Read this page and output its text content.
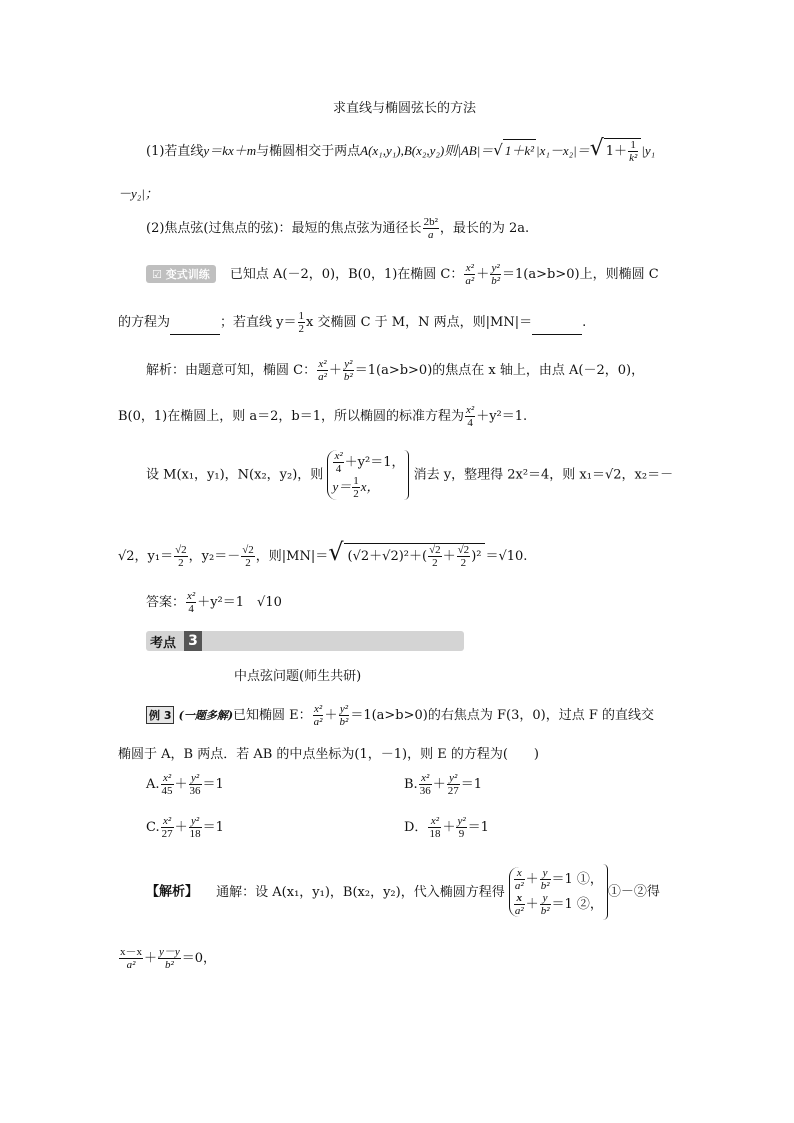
求直线与椭圆弦长的方法
(1)若直线y＝kx＋m与椭圆相交于两点A(x₁,y₁),B(x₂,y₂)则|AB|＝√ 1＋k² |x₁－x₂|＝√ $1+ \frac{1}{\text{k²}} |y_1$
－y₂|；
(2)焦点弦(过焦点的弦)：最短的焦点弦为通径长 $\frac{\text{2b²}}{a}$ ，最长的为 2a.
☑ 变式训练 已知点 A(－2，0)，B(0，1)在椭圆 C： $\frac{\text{x²}}{\text{a²}} + \frac{\text{y²}}{\text{b²}} =1(a>b>0)$上，则椭圆 C
的方程为	；若直线 $y= \frac{1}{2}$ x 交椭圆 C 于 M，N 两点，则|MN|＝	.
解析：由题意可知，椭圆 C： $\frac{\text{x²}}{\text{a²}} + \frac{\text{y²}}{\text{b²}} =1(a>b>0)$的焦点在 x 轴上，由点 A(－2，0)，
B(0，1)在椭圆上，则 a＝2，b＝1，所以椭圆的标准方程为 $\frac{\text{x²}}{4} +y^2=1$.
设 M(x₁，y₁)，N(x₂，y₂)，则 $\frac{\text{x²}}{4} +y^2=1$，
$y= \frac{1}{2}$ x，
消去 y，整理得 2x²＝4，则 x₁＝√2，x₂＝－
√2，$y_1= \frac{√2}{2}$ ，$y_2=- \frac{√2}{2}$ ，则|MN|＝√ $(√2+√2)^2+( \frac{√2}{2} + \frac{√2}{2} )^2 =√10$.
答案： $\frac{\text{x²}}{4} +y^2=1$　√10
考点 3
中点弦问题(师生共研)
例 3 (一题多解)已知椭圆 E： $\frac{\text{x²}}{\text{a²}} + \frac{\text{y²}}{\text{b²}} =1(a>b>0)$的右焦点为 F(3，0)，过点 F 的直线交
椭圆于 A，B 两点．若 AB 的中点坐标为(1，－1)，则 E 的方程为(　　)
A. $\frac{\text{x²}}{45} + \frac{\text{y²}}{36} =1$	B. $\frac{\text{x²}}{36} + \frac{\text{y²}}{27} =1$
C. $\frac{\text{x²}}{27} + \frac{\text{y²}}{18} =1$	D． $\frac{\text{x²}}{18} + \frac{\text{y²}}{9} =1$
【解析】 通解：设 A(x₁，y₁)，B(x₂，y₂)，代入椭圆方程得 $\frac{x}{\text{a²}} + \frac{y}{\text{b²}} =1$ ①，
$\frac{x}{\text{a²}} + \frac{y}{\text{b²}} =1$ ②，
①－②得
$\frac{x-x}{\text{a²}} + \frac{y-y}{\text{b²}} =0$，
